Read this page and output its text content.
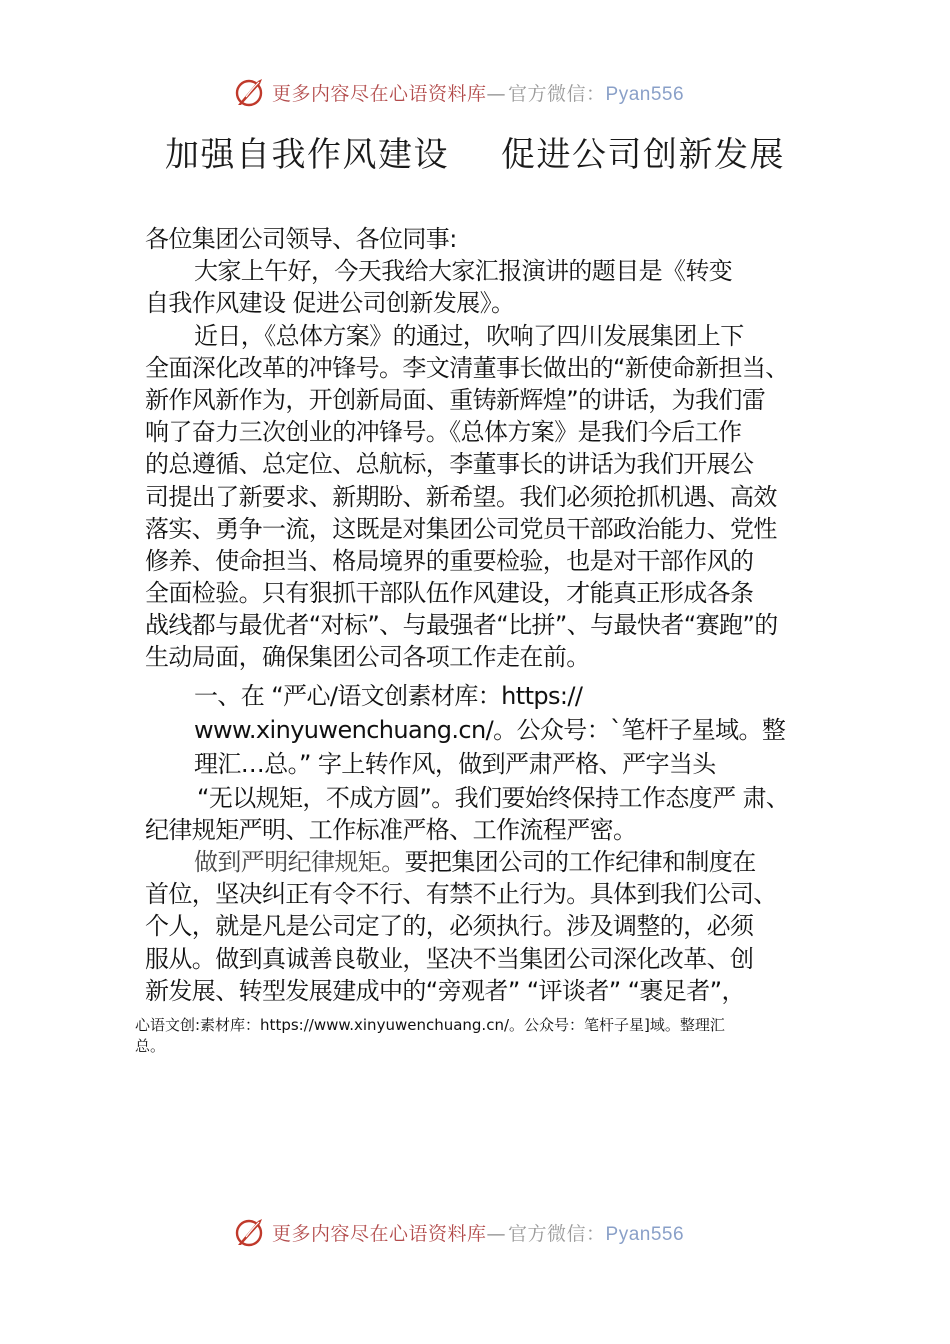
更多内容尽在心语资料库— 官方微信：Pyan556
加强自我作风建设 促进公司创新发展
各位集团公司领导、各位同事:
大家上午好，今天我给大家汇报演讲的题目是《转变
自我作风建设 促进公司创新发展》。
近日，《总体方案》的通过，吹响了四川发展集团上下
全面深化改革的冲锋号。李文清董事长做出的“新使命新担当、
新作风新作为，开创新局面、重铸新辉煌”的讲话，为我们雷
响了奋力三次创业的冲锋号。《总体方案》是我们今后工作
的总遵循、总定位、总航标，李董事长的讲话为我们开展公
司提出了新要求、新期盼、新希望。我们必须抢抓机遇、高效
落实、勇争一流，这既是对集团公司党员干部政治能力、党性
修养、使命担当、格局境界的重要检验，也是对干部作风的
全面检验。只有狠抓干部队伍作风建设，才能真正形成各条
战线都与最优者“对标”、与最强者“比拼”、与最快者“赛跑”的
生动局面，确保集团公司各项工作走在前。
一、在 “严心/语文创素材库：https://
www.xinyuwenchuang.cn/。公众号：`笔杆子星域。整
理汇…总。” 字上转作风，做到严肃严格、严字当头
“无以规矩，不成方圆”。我们要始终保持工作态度严 肃、
纪律规矩严明、工作标准严格、工作流程严密。
做到严明纪律规矩。要把集团公司的工作纪律和制度在
首位，坚决纠正有令不行、有禁不止行为。具体到我们公司、
个人，就是凡是公司定了的，必须执行。涉及调整的，必须
服从。做到真诚善良敬业，坚决不当集团公司深化改革、创
新发展、转型发展建成中的“旁观者” “评谈者” “裹足者”，
心语文创:素材库：https://www.xinyuwenchuang.cn/。公众号：笔杆子星]域。整理汇
总。
更多内容尽在心语资料库— 官方微信：Pyan556
